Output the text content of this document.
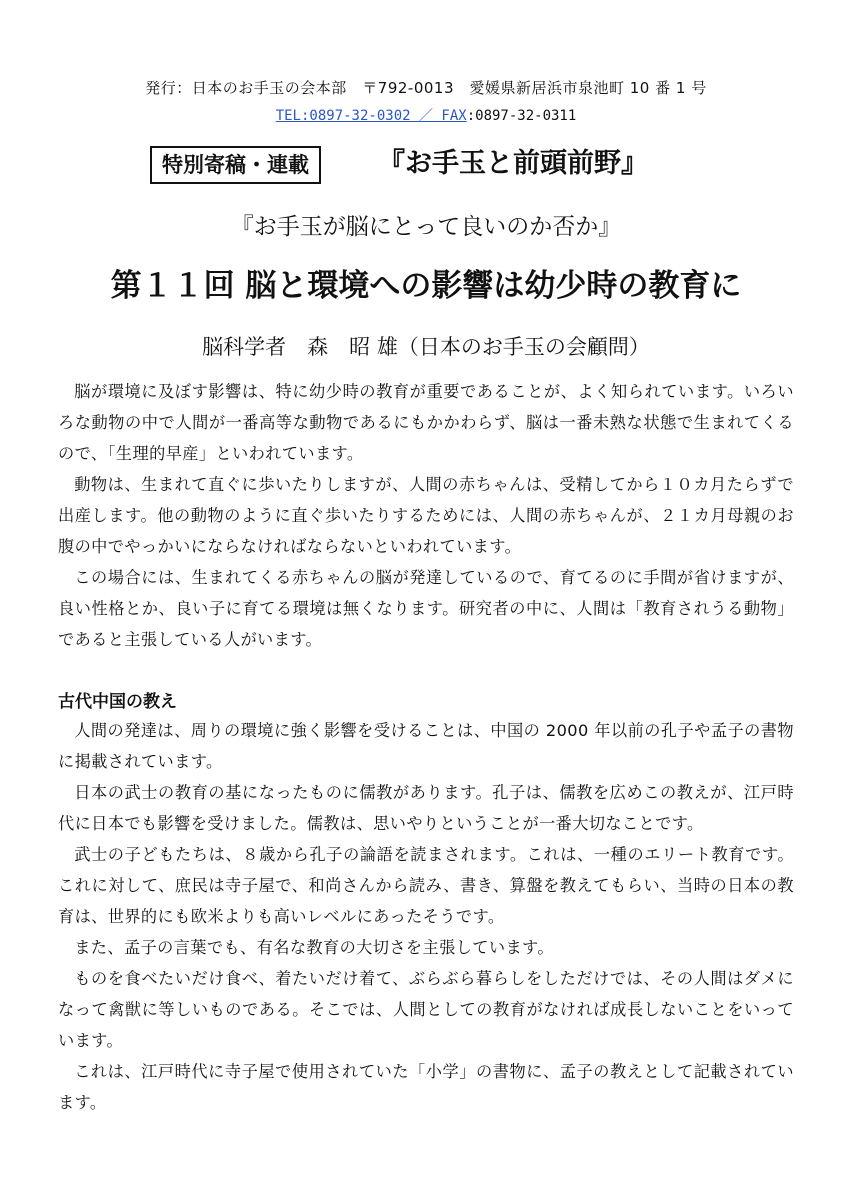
発行：日本のお手玉の会本部　〒792-0013　愛媛県新居浜市泉池町 10 番 1 号
TEL:0897-32-0302 ／ FAX:0897-32-0311
特別寄稿・連載	『お手玉と前頭前野』
『お手玉が脳にとって良いのか否か』
第１１回 脳と環境への影響は幼少時の教育に
脳科学者　森　昭 雄（日本のお手玉の会顧問）

脳が環境に及ぼす影響は、特に幼少時の教育が重要であることが、よく知られています。いろいろな動物の中で人間が一番高等な動物であるにもかかわらず、脳は一番未熟な状態で生まれてくるので、「生理的早産」といわれています。

動物は、生まれて直ぐに歩いたりしますが、人間の赤ちゃんは、受精してから１０カ月たらずで出産します。他の動物のように直ぐ歩いたりするためには、人間の赤ちゃんが、２１カ月母親のお腹の中でやっかいにならなければならないといわれています。

この場合には、生まれてくる赤ちゃんの脳が発達しているので、育てるのに手間が省けますが、良い性格とか、良い子に育てる環境は無くなります。研究者の中に、人間は「教育されうる動物」であると主張している人がいます。

古代中国の教え

人間の発達は、周りの環境に強く影響を受けることは、中国の 2000 年以前の孔子や孟子の書物に掲載されています。

日本の武士の教育の基になったものに儒教があります。孔子は、儒教を広めこの教えが、江戸時代に日本でも影響を受けました。儒教は、思いやりということが一番大切なことです。

武士の子どもたちは、８歳から孔子の論語を読まされます。これは、一種のエリート教育です。これに対して、庶民は寺子屋で、和尚さんから読み、書き、算盤を教えてもらい、当時の日本の教育は、世界的にも欧米よりも高いレベルにあったそうです。

また、孟子の言葉でも、有名な教育の大切さを主張しています。

ものを食べたいだけ食べ、着たいだけ着て、ぶらぶら暮らしをしただけでは、その人間はダメになって禽獣に等しいものである。そこでは、人間としての教育がなければ成長しないことをいっています。

これは、江戸時代に寺子屋で使用されていた「小学」の書物に、孟子の教えとして記載されています。
